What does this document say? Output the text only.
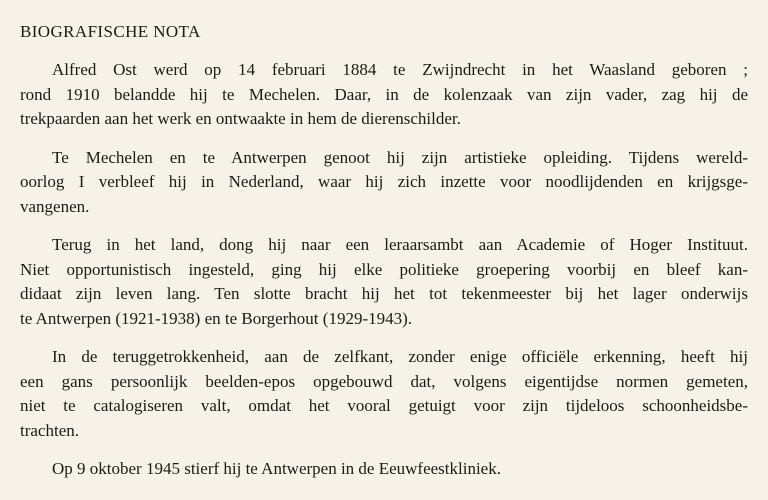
BIOGRAFISCHE NOTA
Alfred Ost werd op 14 februari 1884 te Zwijndrecht in het Waasland geboren ;
rond 1910 belandde hij te Mechelen. Daar, in de kolenzaak van zijn vader, zag hij de
trekpaarden aan het werk en ontwaakte in hem de dierenschilder.
Te Mechelen en te Antwerpen genoot hij zijn artistieke opleiding. Tijdens wereld-
oorlog I verbleef hij in Nederland, waar hij zich inzette voor noodlijdenden en krijgsge-
vangenen.
Terug in het land, dong hij naar een leraarsambt aan Academie of Hoger Instituut.
Niet opportunistisch ingesteld, ging hij elke politieke groepering voorbij en bleef kan-
didaat zijn leven lang. Ten slotte bracht hij het tot tekenmeester bij het lager onderwijs
te Antwerpen (1921-1938) en te Borgerhout (1929-1943).
In de teruggetrokkenheid, aan de zelfkant, zonder enige officiële erkenning, heeft hij
een gans persoonlijk beelden-epos opgebouwd dat, volgens eigentijdse normen gemeten,
niet te catalogiseren valt, omdat het vooral getuigt voor zijn tijdeloos schoonheidsbe-
trachten.
Op 9 oktober 1945 stierf hij te Antwerpen in de Eeuwfeestkliniek.
